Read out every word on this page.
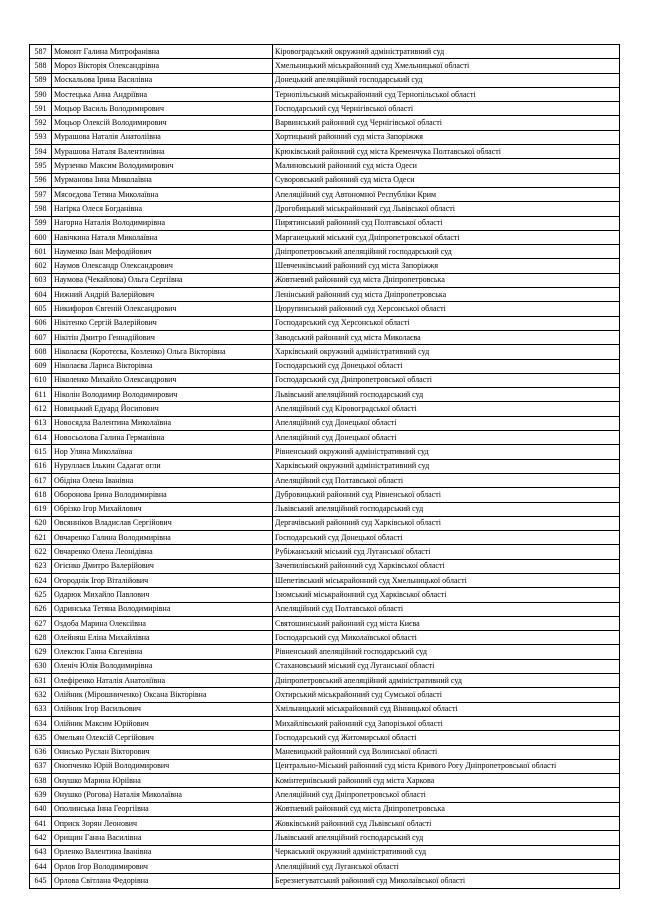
587	Момонт Галина Митрофанівна	Кіровоградський окружний адміністративний суд
588	Мороз Вікторія Олександрівна	Хмельницький міськрайонний суд Хмельницької області
589	Москальова Ірина Василівна	Донецький апеляційний господарський суд
590	Мостецька Анна Андріївна	Тернопільський міськрайонний суд Тернопільської області
591	Моцьор Василь Володимирович	Господарський суд Чернігівської області
592	Моцьор Олексій Володимирович	Варвинський районний суд Чернігівської області
593	Мурашова Наталія Анатоліївна	Хортицький районний суд міста Запоріжжя
594	Мурашова Наталя Валентинівна	Крюківський районний суд міста Кременчука Полтавської області
595	Мурзенко Максим Володимирович	Малиновський районний суд міста Одеси
596	Мурманова Інна Миколаївна	Суворовський районний суд міста Одеси
597	Мясоєдова Тетяна Миколаївна	Апеляційний суд Автономної Республіки Крим
598	Нагірка Олеся Богданівна	Дрогобицький міськрайонний суд Львівської області
599	Нагорна Наталія Володимирівна	Пирятинський районний суд Полтавської області
600	Навічкина Наталя Миколаївна	Марганецький міський суд Дніпропетровської області
601	Науменко Іван Мефодійович	Дніпропетровський апеляційний господарський суд
602	Наумов Олександр Олександрович	Шевченківський районний суд міста Запоріжжя
603	Наумова (Чекайлова) Ольга Сергіївна	Жовтневий районний суд міста Дніпропетровська
604	Нижний Андрій Валерійович	Ленінський районний суд міста Дніпропетровська
605	Никифоров Євгеній Олександрович	Цюрупинський районний суд Херсонської області
606	Нікітенко Сергій Валерійович	Господарський суд Херсонської області
607	Нікітін Дмитро Геннадійович	Заводський районний суд міста Миколаєва
608	Ніколаєва (Коротєєва, Козленко) Ольга Вікторівна	Харківський окружний адміністративний суд
609	Ніколаєва Лариса Вікторівна	Господарський суд Донецької області
610	Ніколенко Михайло Олександрович	Господарський суд Дніпропетровської області
611	Ніколін Володимир Володимирович	Львівський апеляційний господарський суд
612	Новицький Едуард Йосипович	Апеляційний суд Кіровоградської області
613	Новосядла Валентина Миколаївна	Апеляційний суд Донецької області
614	Новосьолова Галина Германівна	Апеляційний суд Донецької області
615	Нор Уляна Миколаївна	Рівненський окружний адміністративний суд
616	Нуруллаєв Ількин Садагат огли	Харківський окружний адміністративний суд
617	Обідіна Олена Іванівна	Апеляційний суд Полтавської області
618	Оборонова Ірина Володимирівна	Дубровицький районний суд Рівненської області
619	Обрізко Ігор Михайлович	Львівський апеляційний господарський суд
620	Овсянніков Владислав Сергійович	Дергачівський районний суд Харківської області
621	Овчаренко Галина Володимирівна	Господарський суд Донецької області
622	Овчаренко Олена Леонідівна	Рубіжанський міський суд Луганської області
623	Огієнко Дмитро Валерійович	Зачепилівський районний суд Харківської області
624	Огороднік Ігор Віталійович	Шепетівський міськрайонний суд Хмельницької області
625	Одарюк Михайло Павлович	Ізюмський міськрайонний суд Харківської області
626	Одринська Тетяна Володимирівна	Апеляційний суд Полтавської області
627	Оздоба Марина Олексіївна	Святошинський районний суд міста Києва
628	Олейняш Еліна Михайлівна	Господарський суд Миколаївської області
629	Олексюк Ганна Євгенівна	Рівненський апеляційний господарський суд
630	Оленіч Юлія Володимирівна	Стахановський міський суд Луганської області
631	Олефіренко Наталія Анатоліївна	Дніпропетровський апеляційний адміністративний суд
632	Олійник (Мірошниченко) Оксана Вікторівна	Охтирський міськрайонний суд Сумської області
633	Олійник Ігор Васильович	Хмільницький міськрайонний суд Вінницької області
634	Олійник Максим Юрійович	Михайлівський районний суд Запорізької області
635	Омельян Олексій Сергійович	Господарський суд Житомирської області
636	Онисько Руслан Вікторович	Маневицький районний суд Волинської області
637	Онопченко Юрій Володимирович	Центрально-Міський районний суд міста Кривого Рогу Дніпропетровської області
638	Онушко Марина Юріївна	Комінтернівський районний суд міста Харкова
639	Онушко (Рогова) Наталія Миколаївна	Апеляційний суд Дніпропетровської області
640	Ополинська Інна Георгіївна	Жовтневий районний суд міста Дніпропетровська
641	Оприск Зорян Леонович	Жовківський районний суд Львівської області
642	Орищин Ганна Василівна	Львівський апеляційний господарський суд
643	Орленко Валентина Іванівна	Черкаський окружний адміністративний суд
644	Орлов Ігор Володимирович	Апеляційний суд Луганської області
645	Орлова Світлана Федорівна	Березнегуватський районний суд Миколаївської області
